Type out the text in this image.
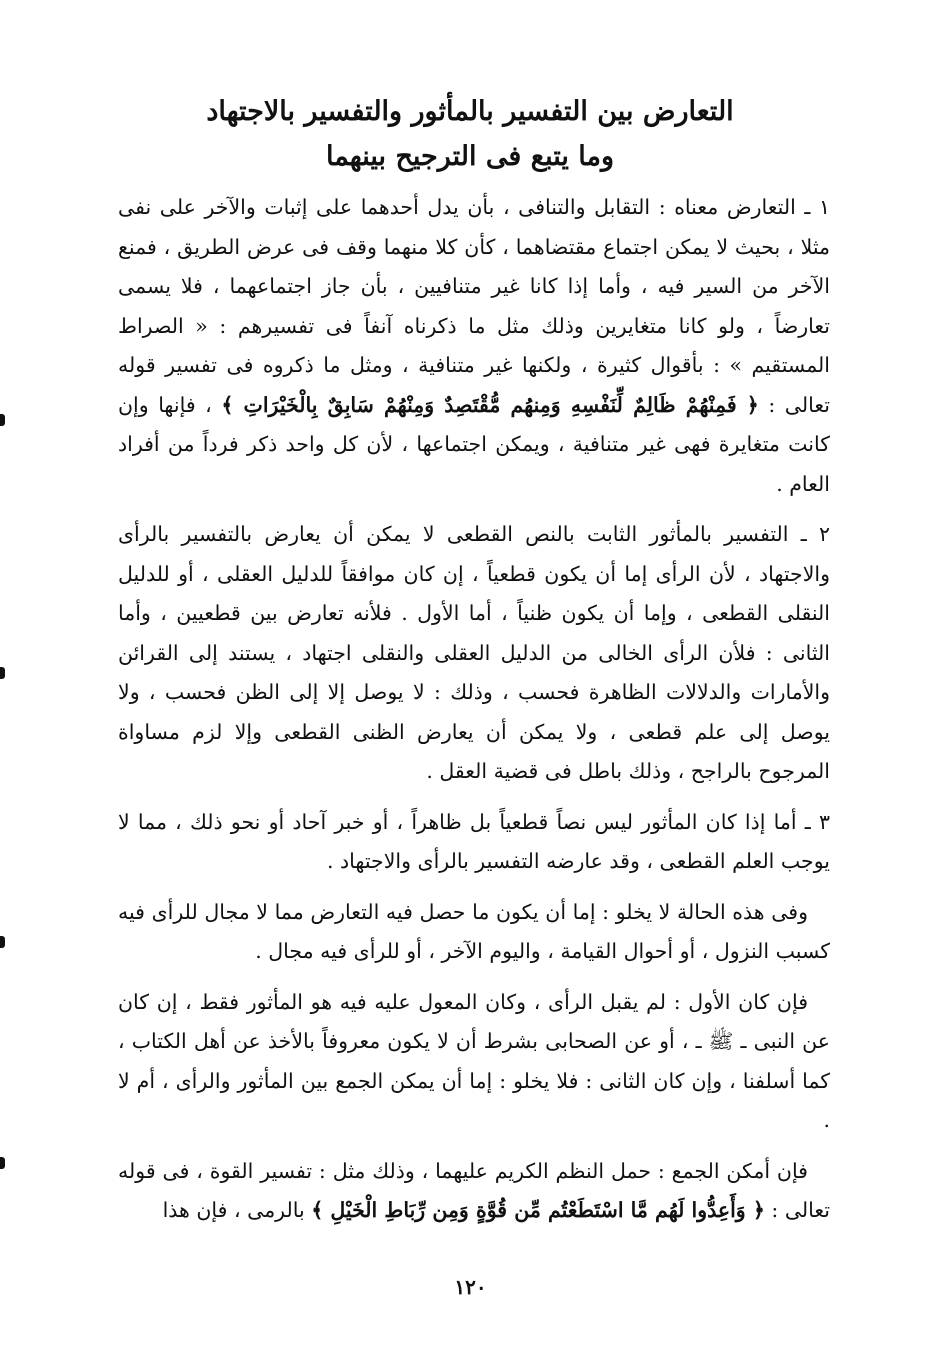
التعارض بين التفسير بالمأثور والتفسير بالاجتهاد
وما يتبع فى الترجيح بينهما

١ ـ التعارض معناه : التقابل والتنافى ، بأن يدل أحدهما على إثبات والآخر على نفى مثلا ، بحيث لا يمكن اجتماع مقتضاهما ، كأن كلا منهما وقف فى عرض الطريق ، فمنع الآخر من السير فيه ، وأما إذا كانا غير متنافيين ، بأن جاز اجتماعهما ، فلا يسمى تعارضاً ، ولو كانا متغايرين وذلك مثل ما ذكرناه آنفاً فى تفسيرهم : « الصراط المستقيم » : بأقوال كثيرة ، ولكنها غير متنافية ، ومثل ما ذكروه فى تفسير قوله تعالى : ﴿ فَمِنْهُمْ ظَالِمٌ لِّنَفْسِهِ وَمِنهُم مُّقْتَصِدٌ وَمِنْهُمْ سَابِقٌ بِالْخَيْرَاتِ ﴾ ، فإنها وإن كانت متغايرة فهى غير متنافية ، ويمكن اجتماعها ، لأن كل واحد ذكر فرداً من أفراد العام .

٢ ـ التفسير بالمأثور الثابت بالنص القطعى لا يمكن أن يعارض بالتفسير بالرأى والاجتهاد ، لأن الرأى إما أن يكون قطعياً ، إن كان موافقاً للدليل العقلى ، أو للدليل النقلى القطعى ، وإما أن يكون ظنياً ، أما الأول . فلأنه تعارض بين قطعيين ، وأما الثانى : فلأن الرأى الخالى من الدليل العقلى والنقلى اجتهاد ، يستند إلى القرائن والأمارات والدلالات الظاهرة فحسب ، وذلك : لا يوصل إلا إلى الظن فحسب ، ولا يوصل إلى علم قطعى ، ولا يمكن أن يعارض الظنى القطعى وإلا لزم مساواة المرجوح بالراجح ، وذلك باطل فى قضية العقل .

٣ ـ أما إذا كان المأثور ليس نصاً قطعياً بل ظاهراً ، أو خبر آحاد أو نحو ذلك ، مما لا يوجب العلم القطعى ، وقد عارضه التفسير بالرأى والاجتهاد .

وفى هذه الحالة لا يخلو : إما أن يكون ما حصل فيه التعارض مما لا مجال للرأى فيه كسبب النزول ، أو أحوال القيامة ، واليوم الآخر ، أو للرأى فيه مجال .

فإن كان الأول : لم يقبل الرأى ، وكان المعول عليه فيه هو المأثور فقط ، إن كان عن النبى ـ ﷺ ـ ، أو عن الصحابى بشرط أن لا يكون معروفاً بالأخذ عن أهل الكتاب ، كما أسلفنا ، وإن كان الثانى : فلا يخلو : إما أن يمكن الجمع بين المأثور والرأى ، أم لا .

فإن أمكن الجمع : حمل النظم الكريم عليهما ، وذلك مثل : تفسير القوة ، فى قوله تعالى : ﴿ وَأَعِدُّوا لَهُم مَّا اسْتَطَعْتُم مِّن قُوَّةٍ وَمِن رِّبَاطِ الْخَيْلِ ﴾ بالرمى ، فإن هذا

١٢٠
